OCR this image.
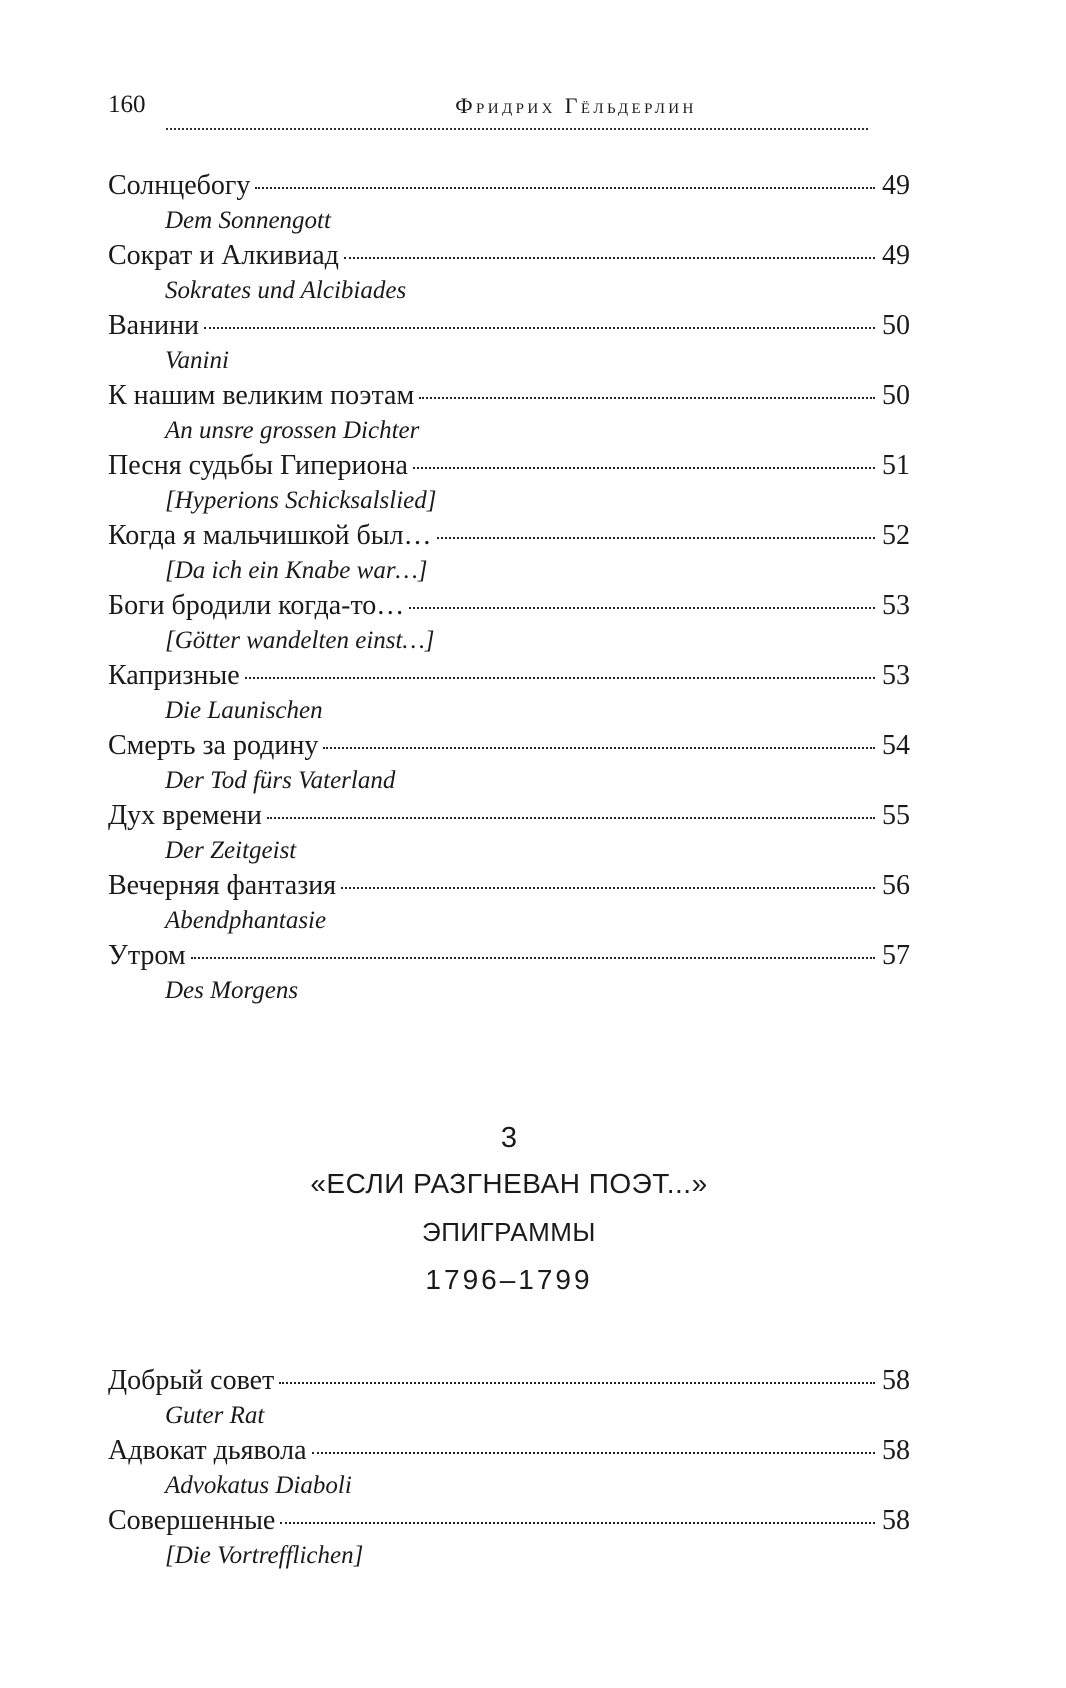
160	Фридрих Гёльдерлин
Солнцебогу	49
Dem Sonnengott
Сократ и Алкивиад	49
Sokrates und Alcibiades
Ванини	50
Vanini
К нашим великим поэтам	50
An unsre grossen Dichter
Песня судьбы Гипериона	51
[Hyperions Schicksalslied]
Когда я мальчишкой был…	52
[Da ich ein Knabe war…]
Боги бродили когда-то…	53
[Götter wandelten einst…]
Капризные	53
Die Launischen
Смерть за родину	54
Der Tod fürs Vaterland
Дух времени	55
Der Zeitgeist
Вечерняя фантазия	56
Abendphantasie
Утром	57
Des Morgens
3
«ЕСЛИ РАЗГНЕВАН ПОЭТ...»
ЭПИГРАММЫ
1796–1799
Добрый совет	58
Guter Rat
Адвокат дьявола	58
Advokatus Diaboli
Совершенные	58
[Die Vortrefflichen]
